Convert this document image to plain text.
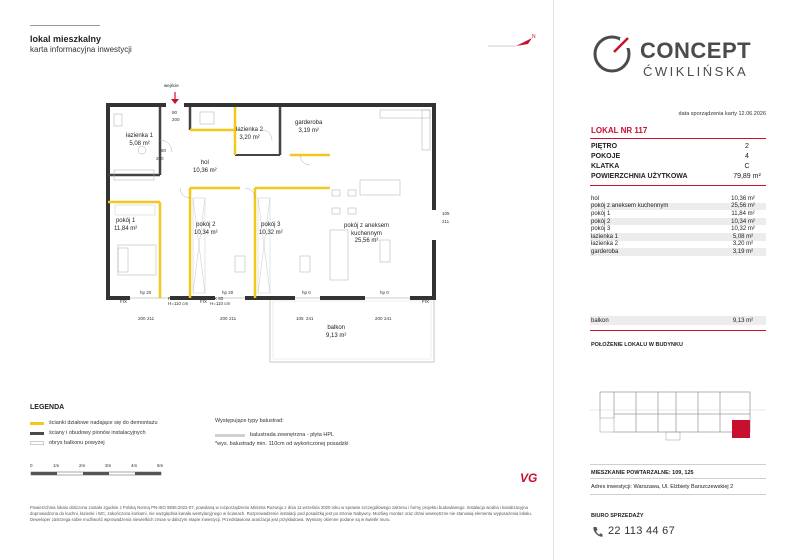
lokal mieszkalny
karta informacyjna inwestycji
N
łazienka 1
5,08 m²
łazienka 2
3,20 m²
garderoba
3,19 m²
hol
10,36 m²
pokój 1
11,84 m²
pokój 2
10,34 m²
pokój 3
10,32 m²
pokój z aneksem
kuchennym
25,56 m²
balkon
9,13 m²
wejście
80
200
90
200
105
211
hp 20	hp 20	hp 0	hp 0
FIX
FIX 80
H=110 cm	FIX
FIX 80
H=110 cm	FIX
200 211	200 211	105 241	200 241
LEGENDA
ścianki działowe nadające się do demontażu
ściany i obudowy pionów instalacyjnych
obrys balkonu powyżej
Występujące typy balustrad:
balustrada zewnętrzna - płyta HPL
*wys. balustrady min. 110cm od wykończonej posadzki
0	1m	2m	3m	4m	5m
VG
Powierzchnia lokalu obliczona zostało zgodnie z Polską Normą PN-ISO 9836:2022-07, powołaną w rozporządzeniu Ministra Rozwoju z dnia 11 września 2020 roku w sprawie szczegółowego zakresu i formy projektu budowlanego. Instalacja wodna i kanalizacyjna doprowadzona do kuchni, łazienki i WC, zakończona korkami, nie uwzględnia kanału wentylacyjnego w ścianach. Rozprowadzenie instalacji pod posadzką jest po stronie Nabywcy. Możliwy montaż oraz drzwi wewnętrzne nie stanowią elementu wyposażenia lokalu. Deweloper zastrzega sobie możliwość wprowadzenia niewielkich zmian w dalszym etapie inwestycji. Przedstawiona aranżacja jest przykładowa. Wymiary okienne podane są w świetle muru.
CONCEPT
ĆWIKLIŃSKA
data sporządzenia karty 12.06.2026
LOKAL NR 117
PIĘTRO	2
POKOJE	4
KLATKA	C
POWIERZCHNIA UŻYTKOWA	79,89 m²
hol	10,36 m²
pokój z aneksem kuchennym	25,56 m²
pokój 1	11,84 m²
pokój 2	10,34 m²
pokój 3	10,32 m²
łazienka 1	5,08 m²
łazienka 2	3,20 m²
garderoba	3,19 m²
balkon	9,13 m²
POŁOŻENIE LOKALU W BUDYNKU
MIESZKANIE POWTARZALNE: 109, 125
Adres inwestycji: Warszawa, Ul. Elżbiety Barszczewskiej 2
BIURO SPRZEDAŻY
22 113 44 67
